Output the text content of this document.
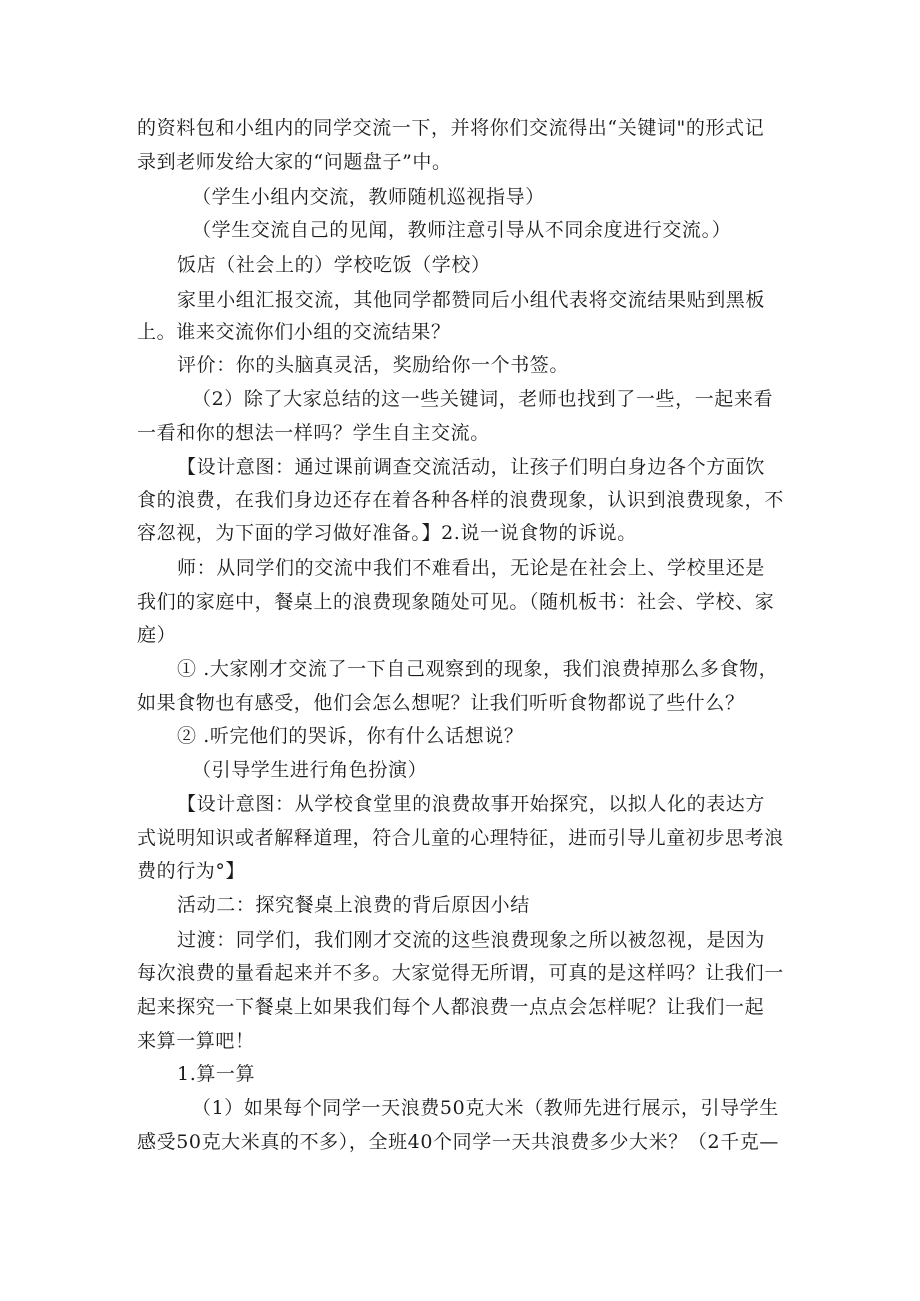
的资料包和小组内的同学交流一下，并将你们交流得出“关键词"的形式记
录到老师发给大家的“问题盘子”中。
（学生小组内交流，教师随机巡视指导）
（学生交流自己的见闻，教师注意引导从不同余度进行交流。）
饭店（社会上的）学校吃饭（学校）
家里小组汇报交流，其他同学都赞同后小组代表将交流结果贴到黑板
上。谁来交流你们小组的交流结果？
评价：你的头脑真灵活，奖励给你一个书签。
（2）除了大家总结的这一些关键词，老师也找到了一些，一起来看
一看和你的想法一样吗？学生自主交流。
【设计意图：通过课前调查交流活动，让孩子们明白身边各个方面饮
食的浪费，在我们身边还存在着各种各样的浪费现象，认识到浪费现象，不
容忽视，为下面的学习做好准备。】2.说一说食物的诉说。
师：从同学们的交流中我们不难看出，无论是在社会上、学校里还是
我们的家庭中，餐桌上的浪费现象随处可见。（随机板书：社会、学校、家
庭）
① .大家刚才交流了一下自己观察到的现象，我们浪费掉那么多食物，
如果食物也有感受，他们会怎么想呢？让我们听听食物都说了些什么？
② .听完他们的哭诉，你有什么话想说？
（引导学生进行角色扮演）
【设计意图：从学校食堂里的浪费故事开始探究，以拟人化的表达方
式说明知识或者解释道理，符合儿童的心理特征，进而引导儿童初步思考浪
费的行为°】
活动二：探究餐桌上浪费的背后原因小结
过渡：同学们，我们刚才交流的这些浪费现象之所以被忽视，是因为
每次浪费的量看起来并不多。大家觉得无所谓，可真的是这样吗？让我们一
起来探究一下餐桌上如果我们每个人都浪费一点点会怎样呢？让我们一起
来算一算吧！
1.算一算
（1）如果每个同学一天浪费50克大米（教师先进行展示，引导学生
感受50克大米真的不多），全班40个同学一天共浪费多少大米？（2千克—
